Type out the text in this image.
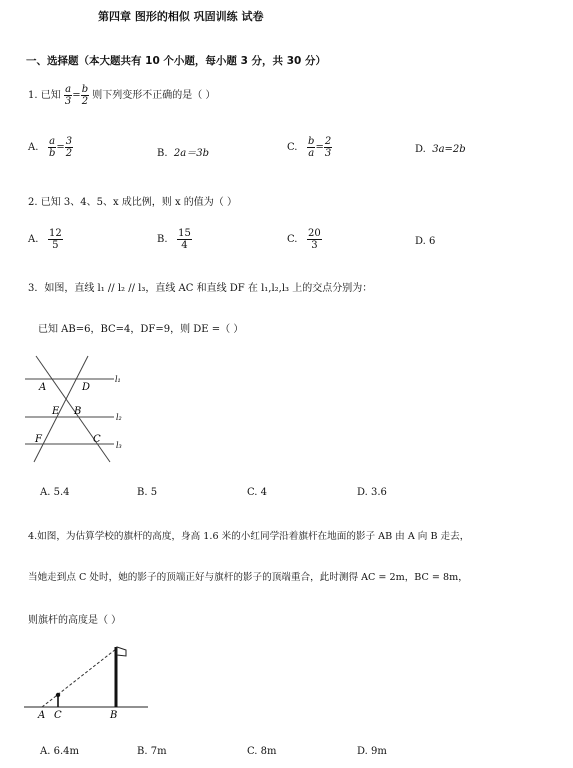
第四章 图形的相似 巩固训练 试卷
一、选择题（本大题共有 10 个小题，每小题 3 分，共 30 分）
1. 已知 $\frac{a}{3} = \frac{b}{2}$ 则下列变形不正确的是（ ）
A. $\frac{a}{b} = \frac{3}{2}$	B. 2a＝3b
C. $\frac{b}{a} = \frac{2}{3}$	D. 3a=2b
2. 已知 3、4、5、x 成比例，则 x 的值为（ ）
A. $\frac{12}{5}$	B. $\frac{15}{4}$	C. $\frac{20}{3}$	D. 6
3．如图，直线 l₁ // l₂ // l₃，直线 AC 和直线 DF 在 l₁,l₂,l₃ 上的交点分别为：
已知 AB=6，BC=4，DF=9，则 DE =（ ）
A	D
E B
F	C
l₁
l₂
l₃
A. 5.4	B. 5	C. 4	D. 3.6
4.如图，为估算学校的旗杆的高度，身高 1.6 米的小红同学沿着旗杆在地面的影子 AB 由 A 向 B 走去，
当她走到点 C 处时，她的影子的顶端正好与旗杆的影子的顶端重合，此时测得 AC = 2m，BC = 8m，
则旗杆的高度是（ ）
A C	B
A. 6.4m	B. 7m	C. 8m	D. 9m
